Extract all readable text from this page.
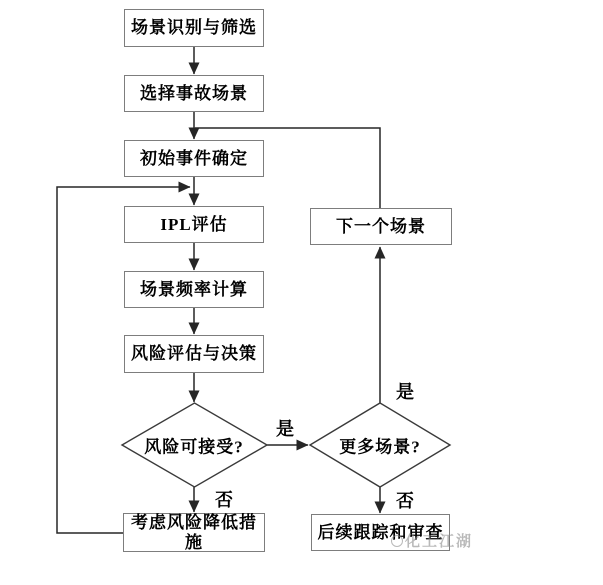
场景识别与筛选
选择事故场景
初始事件确定
IPL评估
场景频率计算
风险评估与决策
考虑风险降低措施
下一个场景
后续跟踪和审查
风险可接受?	更多场景?
是
否
是
否
化工江湖
